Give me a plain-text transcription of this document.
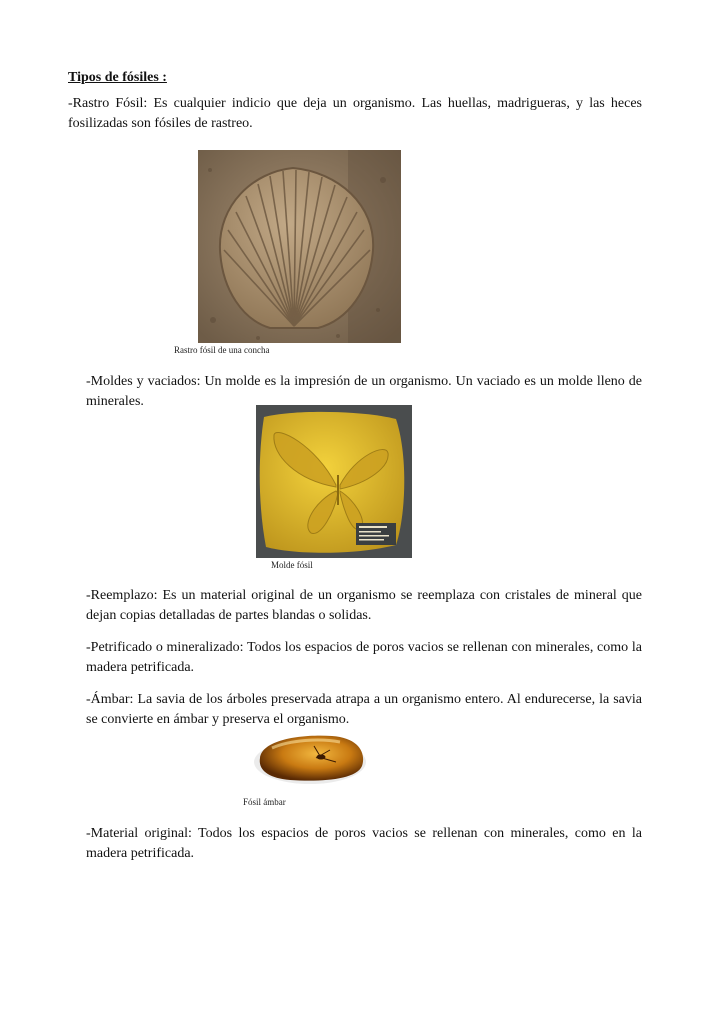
Tipos de fósiles :
-Rastro Fósil: Es cualquier indicio que deja un organismo. Las huellas, madrigueras, y las heces fosilizadas son fósiles de rastreo.
Rastro fósil de una concha
-Moldes y vaciados: Un molde es la impresión de un organismo. Un vaciado es un molde lleno de minerales.
Molde fósil
-Reemplazo: Es un material original de un organismo se reemplaza con cristales de mineral que dejan copias detalladas de partes blandas o solidas.
-Petrificado o mineralizado: Todos los espacios de poros vacios se rellenan con minerales, como la madera petrificada.
-Ámbar: La savia de los árboles preservada atrapa a un organismo entero. Al endurecerse, la savia se convierte en ámbar y preserva el organismo.
Fósil ámbar
-Material original: Todos los espacios de poros vacios se rellenan con minerales, como en la madera petrificada.
